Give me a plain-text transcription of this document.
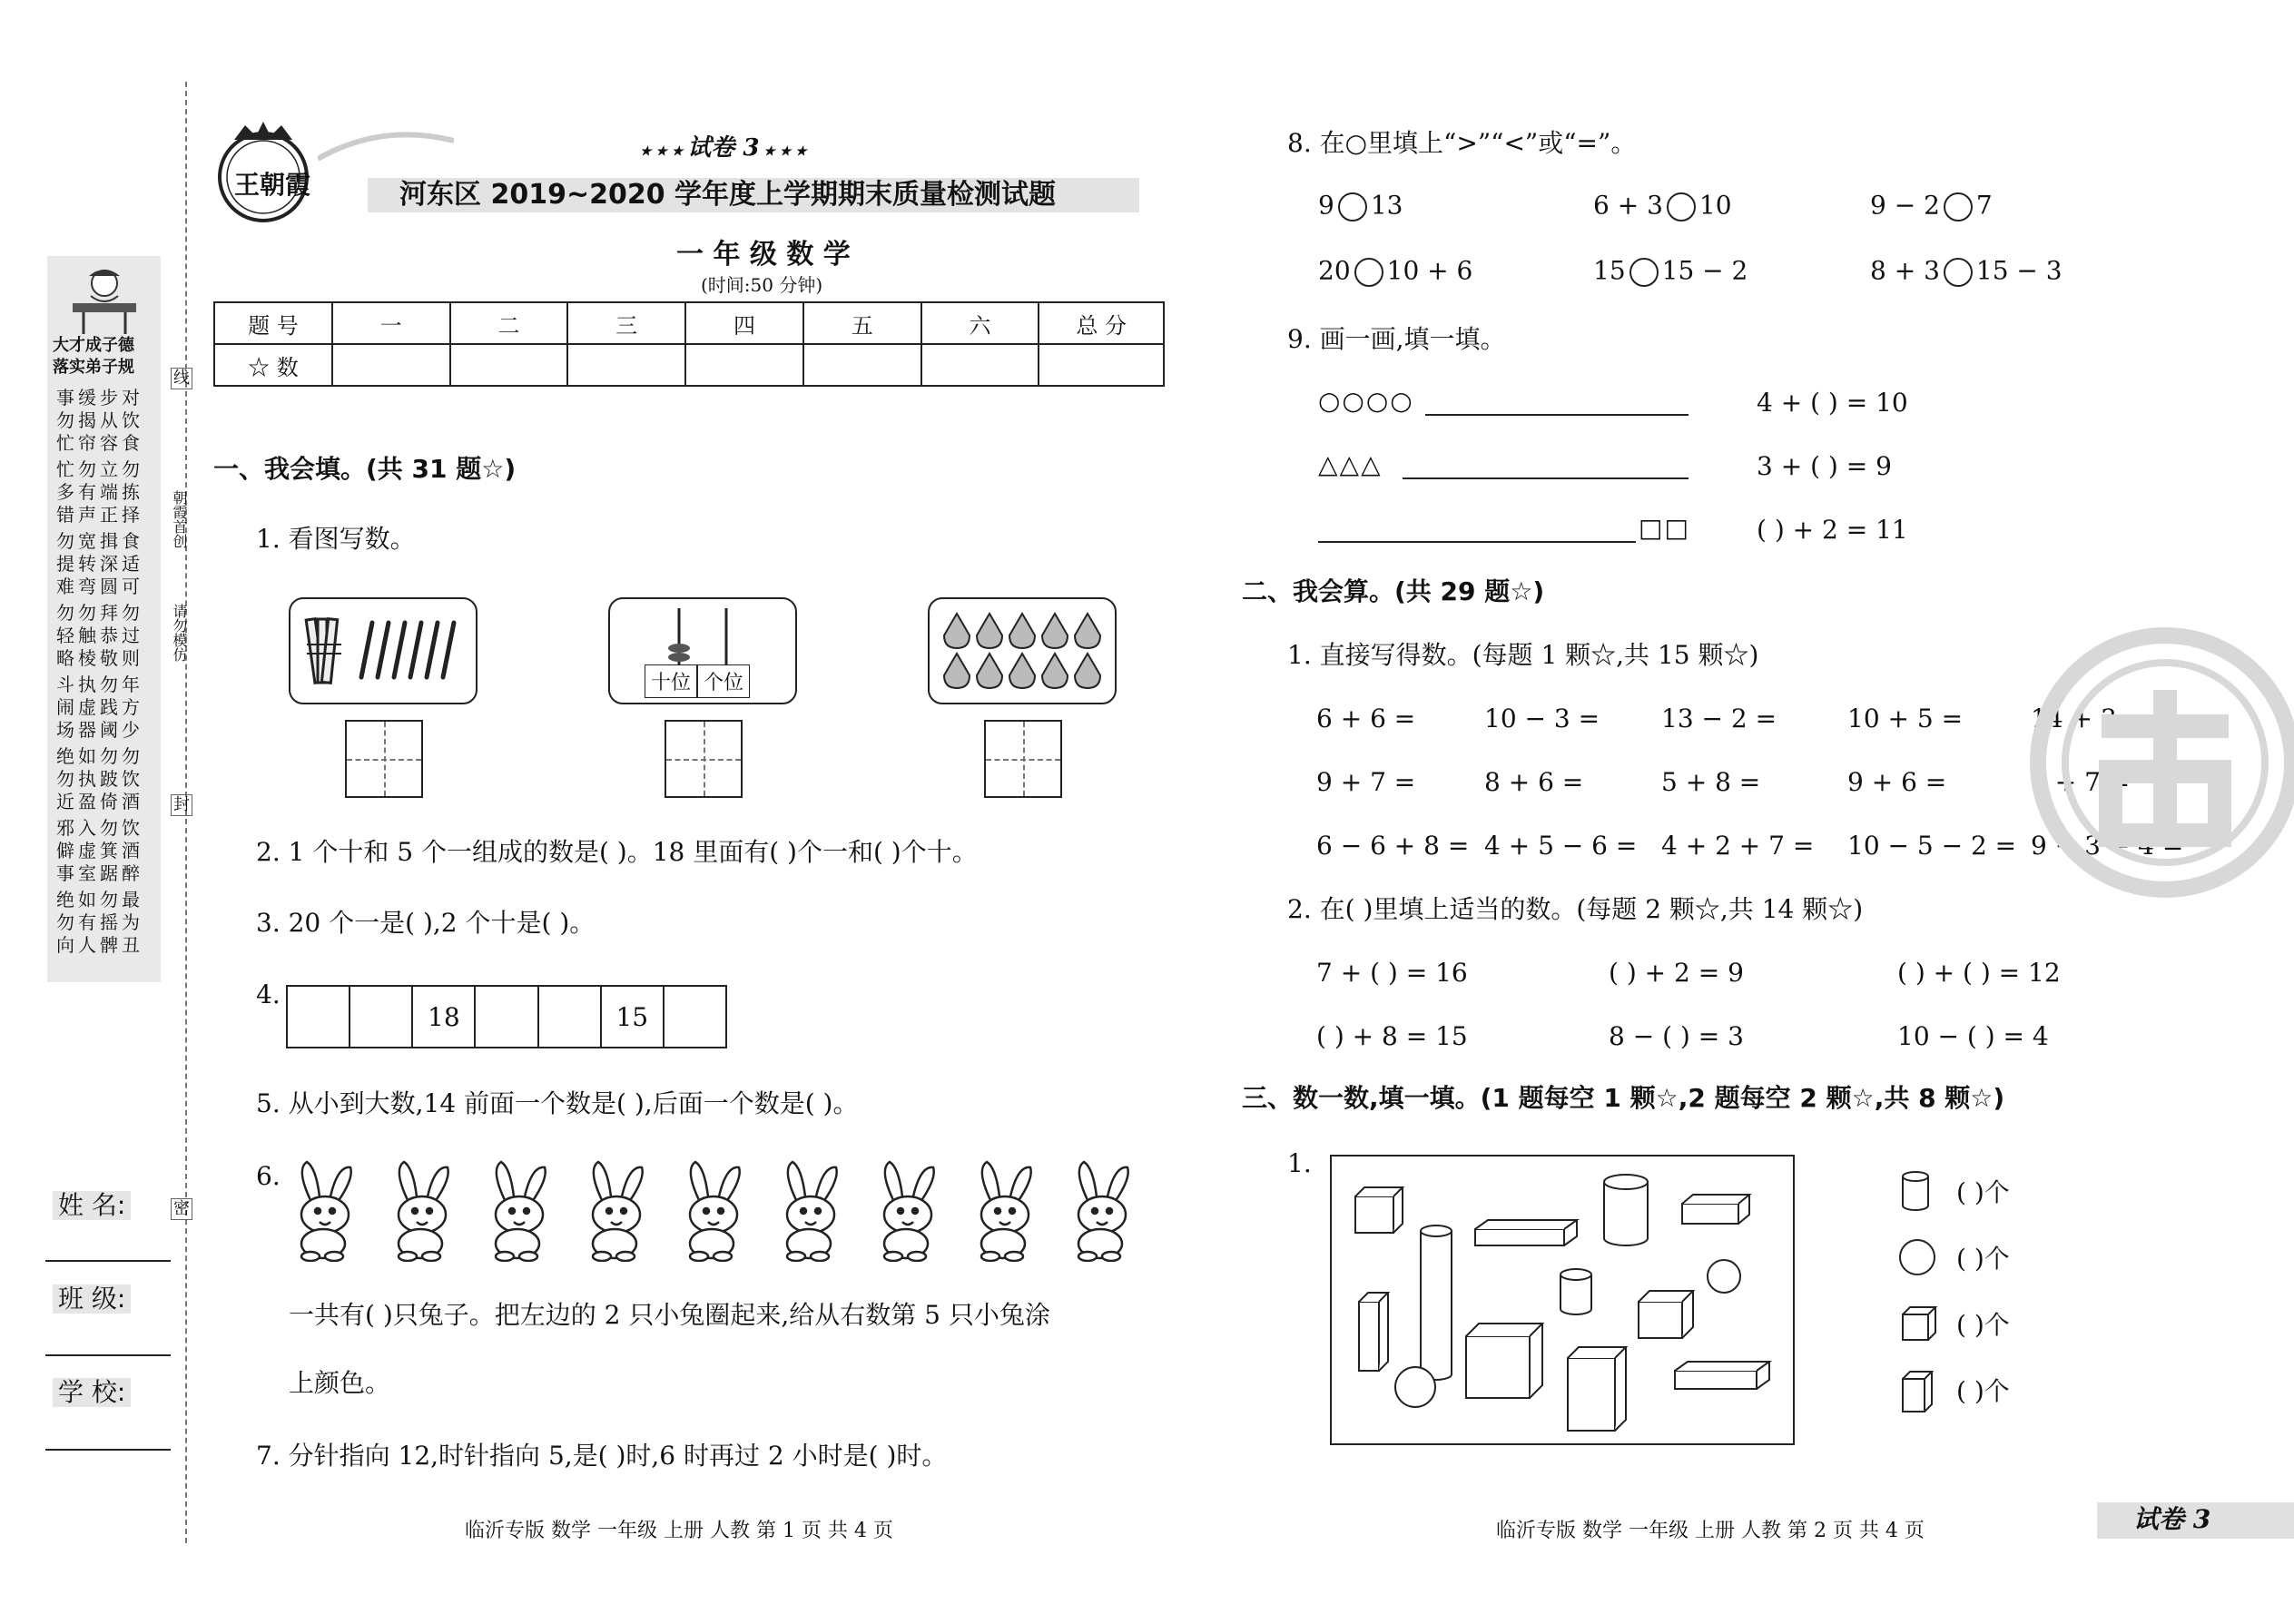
大才成子德
落实弟子规
事缓步对
勿揭从饮
忙帘容食
忙勿立勿
多有端拣
错声正择
勿宽揖食
提转深适
难弯圆可
勿勿拜勿
轻触恭过
略棱敬则
斗执勿年
闹虚践方
场器阈少
绝如勿勿
勿执跛饮
近盈倚酒
邪入勿饮
僻虚箕酒
事室踞醉
绝如勿最
勿有摇为
向人髀丑
线
封
密
朝霞首创
请勿模仿
姓 名:
班 级:
学 校:
王朝霞
★ ★ ★ 试卷 3 ★ ★ ★
河东区 2019~2020 学年度上学期期末质量检测试题
一 年 级 数 学
(时间:50 分钟)
题 号	一	二	三	四	五	六	总 分
☆ 数							
一、我会填。(共 31 题☆)
1. 看图写数。
十位 个位
2. 1 个十和 5 个一组成的数是( )。18 里面有( )个一和( )个十。
3. 20 个一是( ),2 个十是( )。
4.
18	15
5. 从小到大数,14 前面一个数是( ),后面一个数是( )。
6.
一共有( )只兔子。把左边的 2 只小兔圈起来,给从右数第 5 只小兔涂
上颜色。
7. 分针指向 12,时针指向 5,是( )时,6 时再过 2 小时是( )时。
临沂专版 数学 一年级 上册 人教 第 1 页 共 4 页
8. 在○里填上“>”“<”或“=”。
9 13	6 + 3 10	9 − 2 7
20 10 + 6	15 15 − 2	8 + 3 15 − 3
9. 画一画,填一填。
○○○○	4 + ( ) = 10
△△△	3 + ( ) = 9
□□	( ) + 2 = 11
二、我会算。(共 29 题☆)
1. 直接写得数。(每题 1 颗☆,共 15 颗☆)
6 + 6 =	10 − 3 = 13 − 2 =	10 + 5 =	14 + 3 =
9 + 7 =	8 + 6 =	5 + 8 =	9 + 6 =	3 + 7 =
6 − 6 + 8 = 4 + 5 − 6 = 4 + 2 + 7 = 10 − 5 − 2 = 9 − 3 + 4 =
2. 在( )里填上适当的数。(每题 2 颗☆,共 14 颗☆)
7 + ( ) = 16	( ) + 2 = 9	( ) + ( ) = 12
( ) + 8 = 15	8 − ( ) = 3	10 − ( ) = 4
三、数一数,填一填。(1 题每空 1 颗☆,2 题每空 2 颗☆,共 8 颗☆)
1.
( )个
( )个
( )个
( )个
临沂专版 数学 一年级 上册 人教 第 2 页 共 4 页	试卷 3
